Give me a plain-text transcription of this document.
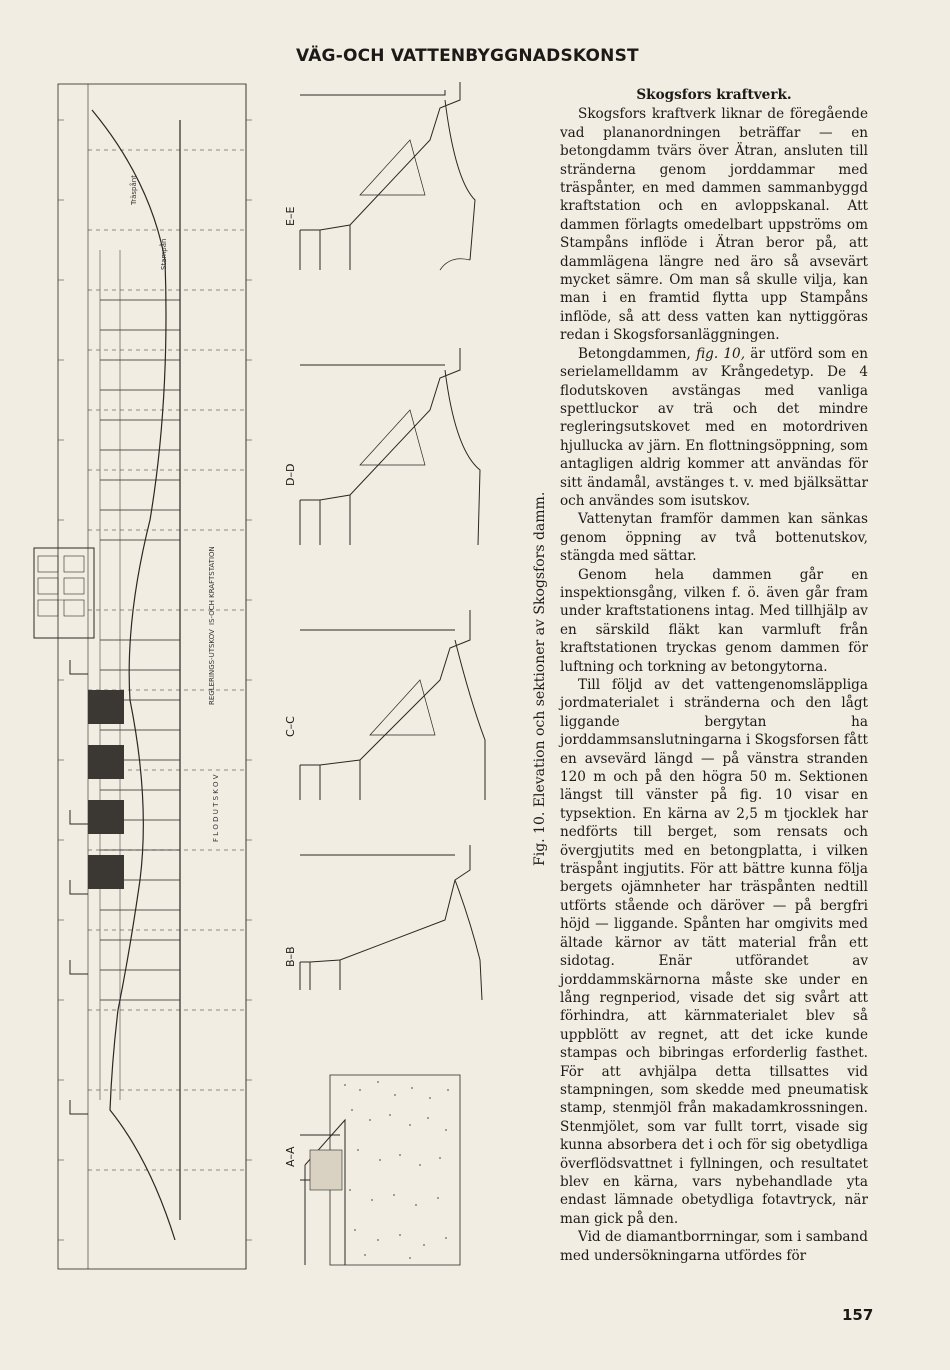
VÄG-OCH VATTENBYGGNADSKONST
E–E
D–D
C–C
B–B
A–A
REGLERINGS-UTSKOV
IS-OCH KRAFTSTATION
F L O D U T S K O V
Träspånt
Stampån
Fig. 10. Elevation och sektioner av Skogsfors damm.
Skogsfors kraftverk.

Skogsfors kraftverk liknar de föregående vad plananordningen beträffar — en betongdamm tvärs över Ätran, ansluten till stränderna genom jorddammar med träspånter, en med dammen sammanbyggd kraftstation och en avloppskanal. Att dammen förlagts omedelbart uppströms om Stampåns inflöde i Ätran beror på, att dammlägena längre ned äro så avsevärt mycket sämre. Om man så skulle vilja, kan man i en framtid flytta upp Stampåns inflöde, så att dess vatten kan nyttiggöras redan i Skogsforsanläggningen.

Betongdammen, fig. 10, är utförd som en serielamelldamm av Krångedetyp. De 4 flodutskoven avstängas med vanliga spettluckor av trä och det mindre regleringsutskovet med en motordriven hjullucka av järn. En flottningsöppning, som antagligen aldrig kommer att användas för sitt ändamål, avstänges t. v. med bjälksättar och användes som isutskov.

Vattenytan framför dammen kan sänkas genom öppning av två bottenutskov, stängda med sättar.

Genom hela dammen går en inspektionsgång, vilken f. ö. även går fram under kraftstationens intag. Med tillhjälp av en särskild fläkt kan varmluft från kraftstationen tryckas genom dammen för luftning och torkning av betongytorna.

Till följd av det vattengenomsläppliga jordmaterialet i stränderna och den lågt liggande bergytan ha jorddammsanslutningarna i Skogsforsen fått en avsevärd längd — på vänstra stranden 120 m och på den högra 50 m. Sektionen längst till vänster på fig. 10 visar en typsektion. En kärna av 2,5 m tjocklek har nedförts till berget, som rensats och övergjutits med en betongplatta, i vilken träspånt ingjutits. För att bättre kunna följa bergets ojämnheter har träspånten nedtill utförts stående och däröver — på bergfri höjd — liggande. Spånten har omgivits med ältade kärnor av tätt material från ett sidotag. Enär utförandet av jorddammskärnorna måste ske under en lång regnperiod, visade det sig svårt att förhindra, att kärnmaterialet blev så uppblött av regnet, att det icke kunde stampas och bibringas erforderlig fasthet. För att avhjälpa detta tillsattes vid stampningen, som skedde med pneumatisk stamp, stenmjöl från makadamkrossningen. Stenmjölet, som var fullt torrt, visade sig kunna absorbera det i och för sig obetydliga överflödsvattnet i fyllningen, och resultatet blev en kärna, vars nybehandlade yta endast lämnade obetydliga fotavtryck, när man gick på den.

Vid de diamantborrningar, som i samband med undersökningarna utfördes för

157
